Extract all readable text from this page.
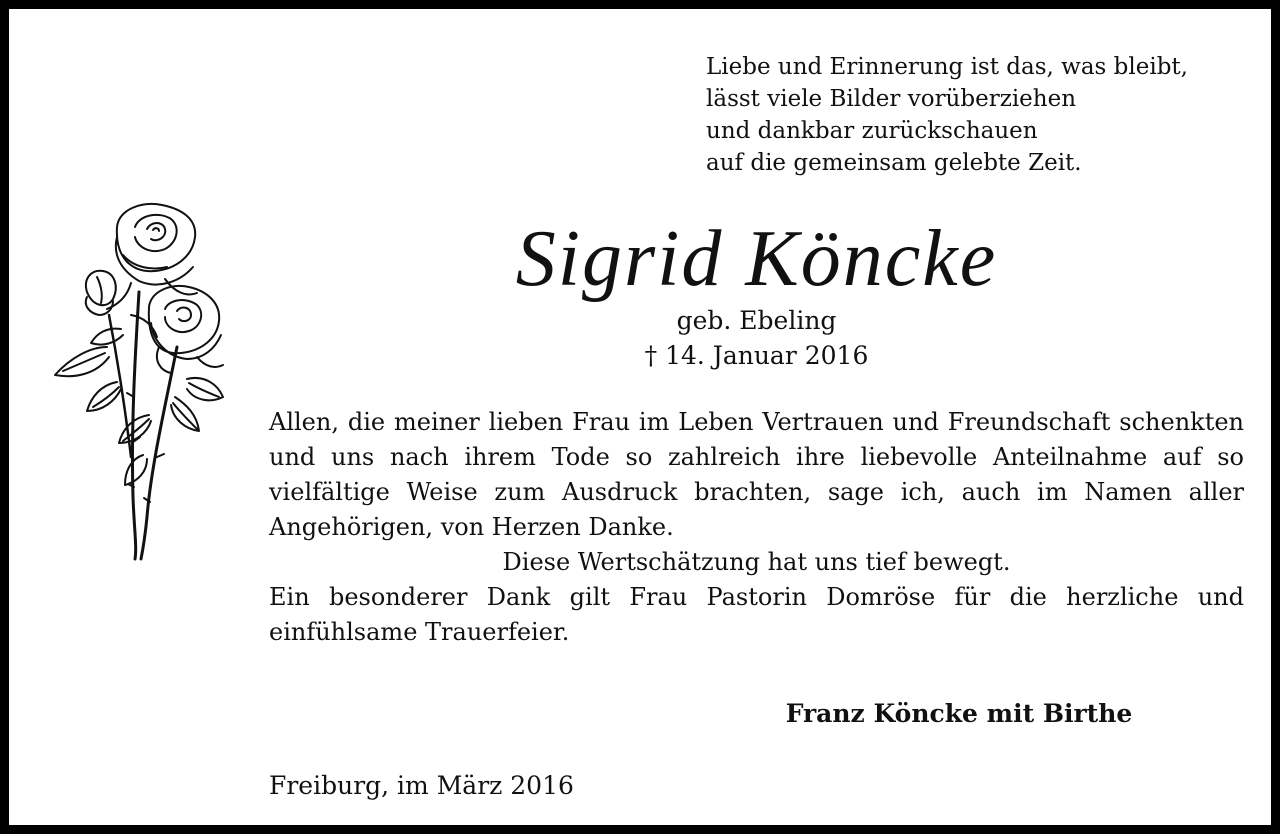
Liebe und Erinnerung ist das, was bleibt,
lässt viele Bilder vorüberziehen
und dankbar zurückschauen
auf die gemeinsam gelebte Zeit.
Sigrid Köncke
geb. Ebeling
† 14. Januar 2016

Allen, die meiner lieben Frau im Leben Vertrauen und Freundschaft schenkten und uns nach ihrem Tode so zahlreich ihre liebevolle Anteilnahme auf so vielfältige Weise zum Ausdruck brachten, sage ich, auch im Namen aller Angehörigen, von Herzen Danke.

Diese Wertschätzung hat uns tief bewegt.

Ein besonderer Dank gilt Frau Pastorin Domröse für die herzliche und einfühlsame Trauerfeier.

Franz Köncke mit Birthe
Freiburg, im März 2016
